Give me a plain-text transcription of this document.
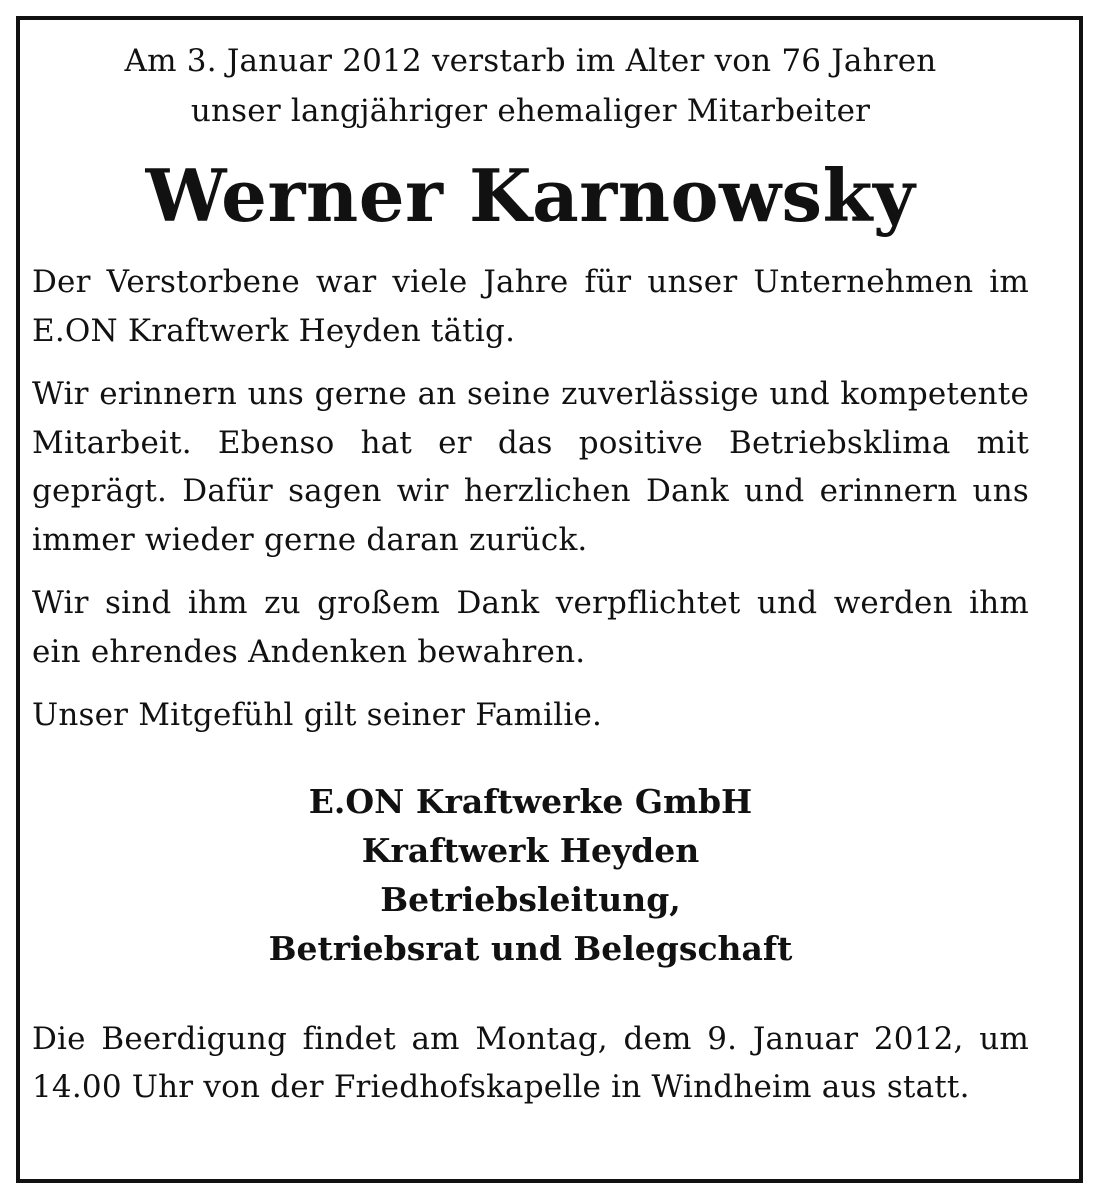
Am 3. Januar 2012 verstarb im Alter von 76 Jahren
unser langjähriger ehemaliger Mitarbeiter

Werner Karnowsky

Der Verstorbene war viele Jahre für unser Unternehmen im E.ON Kraftwerk Heyden tätig.

Wir erinnern uns gerne an seine zuverlässige und kompetente Mitarbeit. Ebenso hat er das positive Betriebsklima mit geprägt. Dafür sagen wir herzlichen Dank und erinnern uns immer wieder gerne daran zurück.

Wir sind ihm zu großem Dank verpflichtet und werden ihm ein ehrendes Andenken bewahren.

Unser Mitgefühl gilt seiner Familie.

E.ON Kraftwerke GmbH
Kraftwerk Heyden
Betriebsleitung,
Betriebsrat und Belegschaft

Die Beerdigung findet am Montag, dem 9. Januar 2012, um 14.00 Uhr von der Friedhofskapelle in Windheim aus statt.
